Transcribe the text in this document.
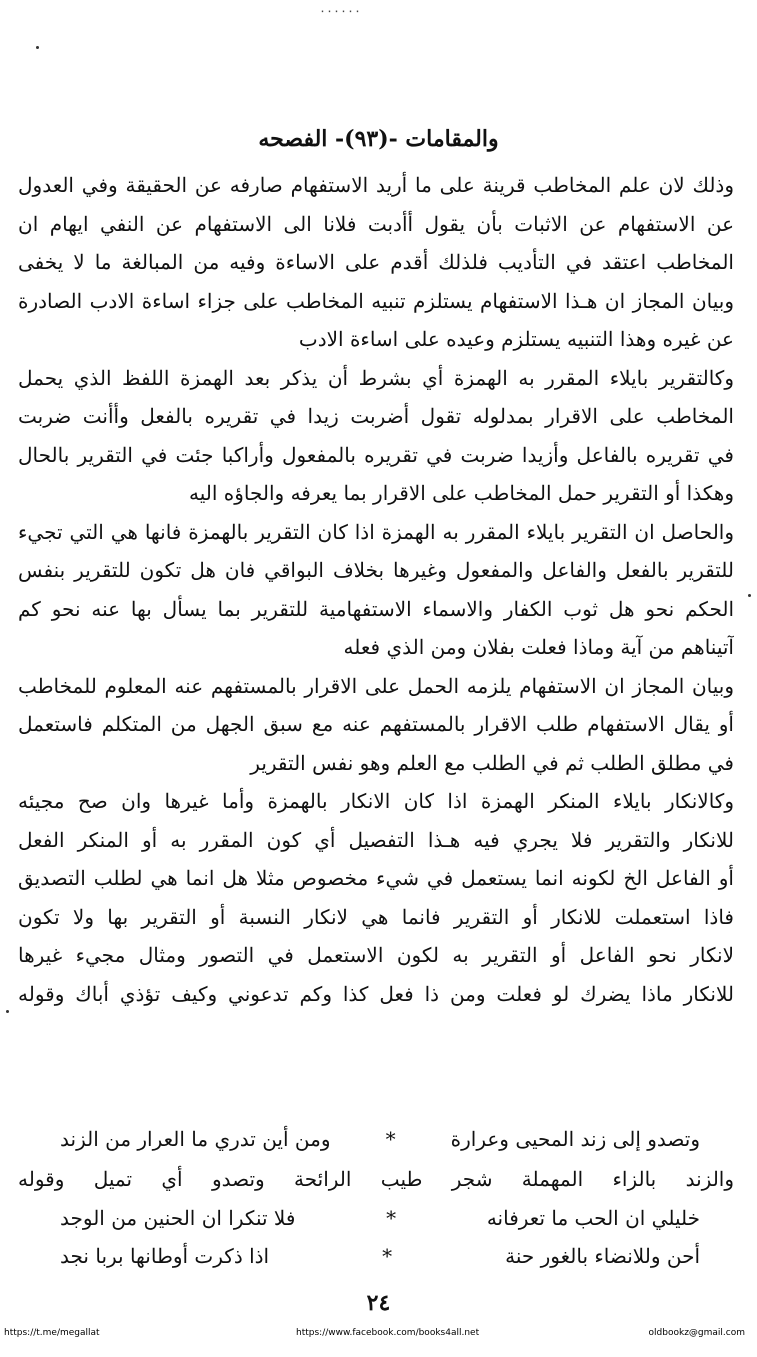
٠٠٠٠٠٠
والمقامات -(٩٣)- الفصحه
وذلك لان علم المخاطب قرينة على ما أريد الاستفهام صارفه عن الحقيقة وفي العدول
عن الاستفهام عن الاثبات بأن يقول أأدبت فلانا الى الاستفهام عن النفي ايهام ان
المخاطب اعتقد في التأديب فلذلك أقدم على الاساءة وفيه من المبالغة ما لا يخفى
وبيان المجاز ان هـذا الاستفهام يستلزم تنبيه المخاطب على جزاء اساءة الادب الصادرة
عن غيره وهذا التنبيه يستلزم وعيده على اساءة الادب
وكالتقرير بايلاء المقرر به الهمزة أي بشرط أن يذكر بعد الهمزة اللفظ الذي يحمل
المخاطب على الاقرار بمدلوله تقول أضربت زيدا في تقريره بالفعل وأأنت ضربت
في تقريره بالفاعل وأزيدا ضربت في تقريره بالمفعول وأراكبا جئت في التقرير بالحال
وهكذا أو التقرير حمل المخاطب على الاقرار بما يعرفه والجاؤه اليه
والحاصل ان التقرير بايلاء المقرر به الهمزة اذا كان التقرير بالهمزة فانها هي التي تجيء
للتقرير بالفعل والفاعل والمفعول وغيرها بخلاف البواقي فان هل تكون للتقرير بنفس
الحكم نحو هل ثوب الكفار والاسماء الاستفهامية للتقرير بما يسأل بها عنه نحو كم
آتيناهم من آية وماذا فعلت بفلان ومن الذي فعله
وبيان المجاز ان الاستفهام يلزمه الحمل على الاقرار بالمستفهم عنه المعلوم للمخاطب
أو يقال الاستفهام طلب الاقرار بالمستفهم عنه مع سبق الجهل من المتكلم فاستعمل
في مطلق الطلب ثم في الطلب مع العلم وهو نفس التقرير
وكالانكار بايلاء المنكر الهمزة اذا كان الانكار بالهمزة وأما غيرها وان صح مجيئه
للانكار والتقرير فلا يجري فيه هـذا التفصيل أي كون المقرر به أو المنكر الفعل
أو الفاعل الخ لكونه انما يستعمل في شيء مخصوص مثلا هل انما هي لطلب التصديق
فاذا استعملت للانكار أو التقرير فانما هي لانكار النسبة أو التقرير بها ولا تكون
لانكار نحو الفاعل أو التقرير به لكون الاستعمل في التصور ومثال مجيء غيرها
للانكار ماذا يضرك لو فعلت ومن ذا فعل كذا وكم تدعوني وكيف تؤذي أباك وقوله
وتصدو إلى زند المحيى وعرارة
*
ومن أين تدري ما العرار من الزند
والزند بالزاء المهملة شجر طيب الرائحة وتصدو أي تميل وقوله
خليلي ان الحب ما تعرفانه
*
فلا تنكرا ان الحنين من الوجد
أحن وللانضاء بالغور حنة
*
اذا ذكرت أوطانها بربا نجد
٢٤
https://t.me/megallat	https://www.facebook.com/books4all.net	oldbookz@gmail.com
